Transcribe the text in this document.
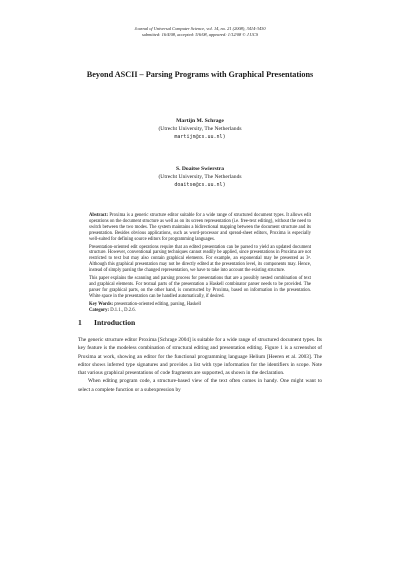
Journal of Universal Computer Science, vol. 14, no. 21 (2008), 3414-3430
submitted: 16/4/08, accepted: 5/6/08, appeared: 1/12/08 © J.UCS
Beyond ASCII – Parsing Programs with Graphical Presentations
Martijn M. Schrage
(Utrecht University, The Netherlands
martijn@cs.uu.nl)
S. Doaitse Swierstra
(Utrecht University, The Netherlands
doaitse@cs.uu.nl)

Abstract: Proxima is a generic structure editor suitable for a wide range of structured document types. It allows edit operations on the document structure as well as on its screen representation (i.e. free-text editing), without the need to switch between the two modes. The system maintains a bidirectional mapping between the document structure and its presentation. Besides obvious applications, such as word-processor and spread-sheet editors, Proxima is especially well-suited for defining source editors for programming languages.

Presentation-oriented edit operations require that an edited presentation can be parsed to yield an updated document structure. However, conventional parsing techniques cannot readily be applied, since presentations in Proxima are not restricted to text but may also contain graphical elements. For example, an exponential may be presented as 3². Although this graphical presentation may not be directly edited at the presentation level, its components may. Hence, instead of simply parsing the changed representation, we have to take into account the existing structure.

This paper explains the scanning and parsing process for presentations that are a possibly nested combination of text and graphical elements. For textual parts of the presentation a Haskell combinator parser needs to be provided. The parser for graphical parts, on the other hand, is constructed by Proxima, based on information in the presentation. White space in the presentation can be handled automatically, if desired.

Key Words: presentation-oriented editing, parsing, Haskell

Category: D.1.1., D.2.6.

1 Introduction

The generic structure editor Proxima [Schrage 2004] is suitable for a wide range of structured document types. Its key feature is the modeless combination of structural editing and presentation editing. Figure 1 is a screenshot of Proxima at work, showing an editor for the functional programming language Helium [Heeren et al. 2003]. The editor shows inferred type signatures and provides a list with type information for the identifiers in scope. Note that various graphical presentations of code fragments are supported, as shown in the declaration.

When editing program code, a structure-based view of the text often comes in handy. One might want to select a complete function or a subexpression by
